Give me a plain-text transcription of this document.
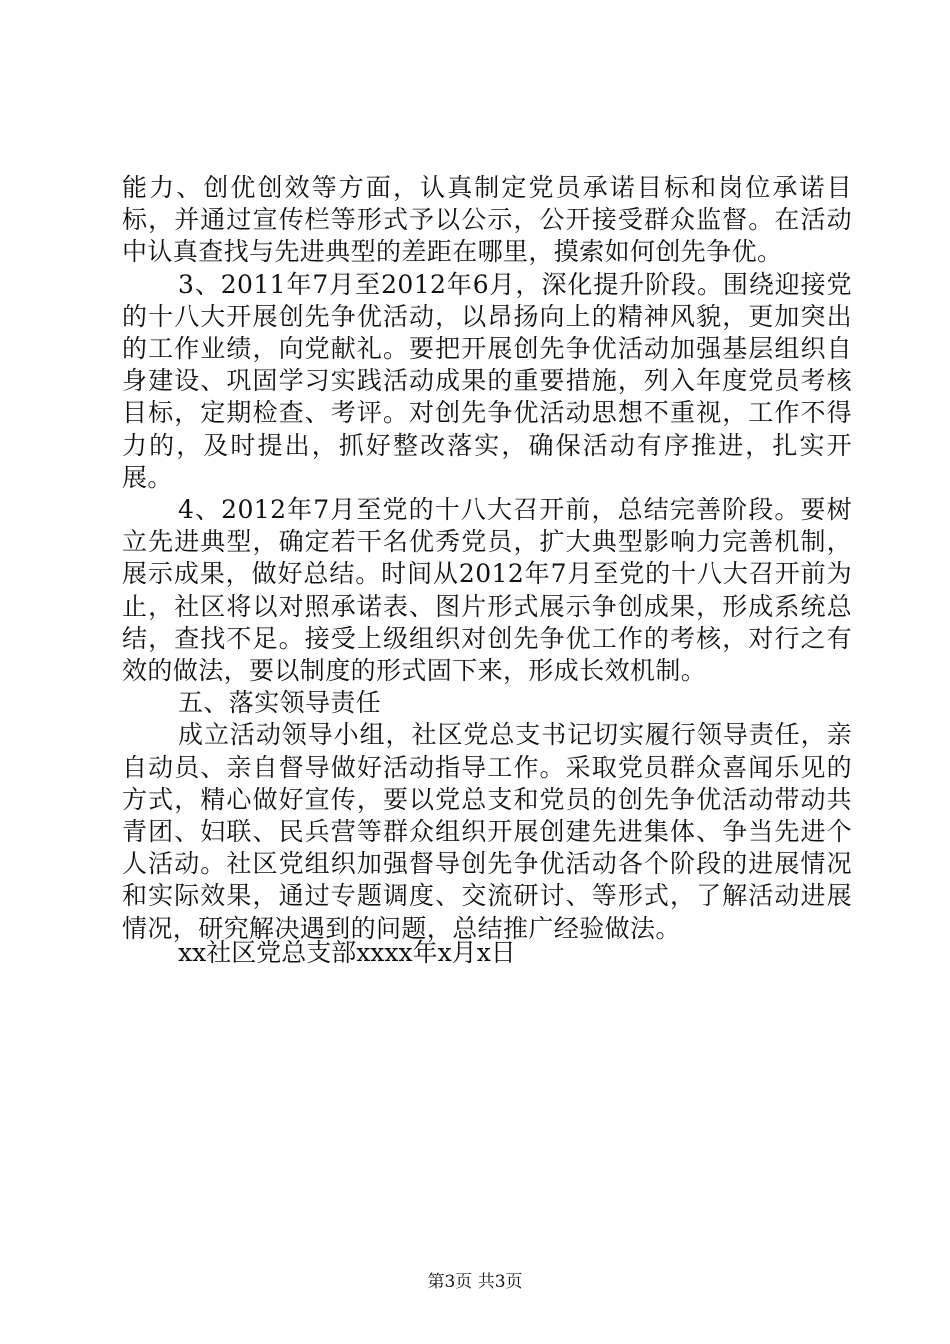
能力、创优创效等方面，认真制定党员承诺目标和岗位承诺目标，并通过宣传栏等形式予以公示，公开接受群众监督。在活动中认真查找与先进典型的差距在哪里，摸索如何创先争优。

3、2011年7月至2012年6月，深化提升阶段。围绕迎接党的十八大开展创先争优活动，以昂扬向上的精神风貌，更加突出的工作业绩，向党献礼。要把开展创先争优活动加强基层组织自身建设、巩固学习实践活动成果的重要措施，列入年度党员考核目标，定期检查、考评。对创先争优活动思想不重视，工作不得力的，及时提出，抓好整改落实，确保活动有序推进，扎实开展。

4、2012年7月至党的十八大召开前，总结完善阶段。要树立先进典型，确定若干名优秀党员，扩大典型影响力完善机制，展示成果，做好总结。时间从2012年7月至党的十八大召开前为止，社区将以对照承诺表、图片形式展示争创成果，形成系统总结，查找不足。接受上级组织对创先争优工作的考核，对行之有效的做法，要以制度的形式固下来，形成长效机制。

五、落实领导责任

成立活动领导小组，社区党总支书记切实履行领导责任，亲自动员、亲自督导做好活动指导工作。采取党员群众喜闻乐见的方式，精心做好宣传，要以党总支和党员的创先争优活动带动共青团、妇联、民兵营等群众组织开展创建先进集体、争当先进个人活动。社区党组织加强督导创先争优活动各个阶段的进展情况和实际效果，通过专题调度、交流研讨、等形式，了解活动进展情况，研究解决遇到的问题，总结推广经验做法。

xx社区党总支部xxxx年x月x日
第3页 共3页
